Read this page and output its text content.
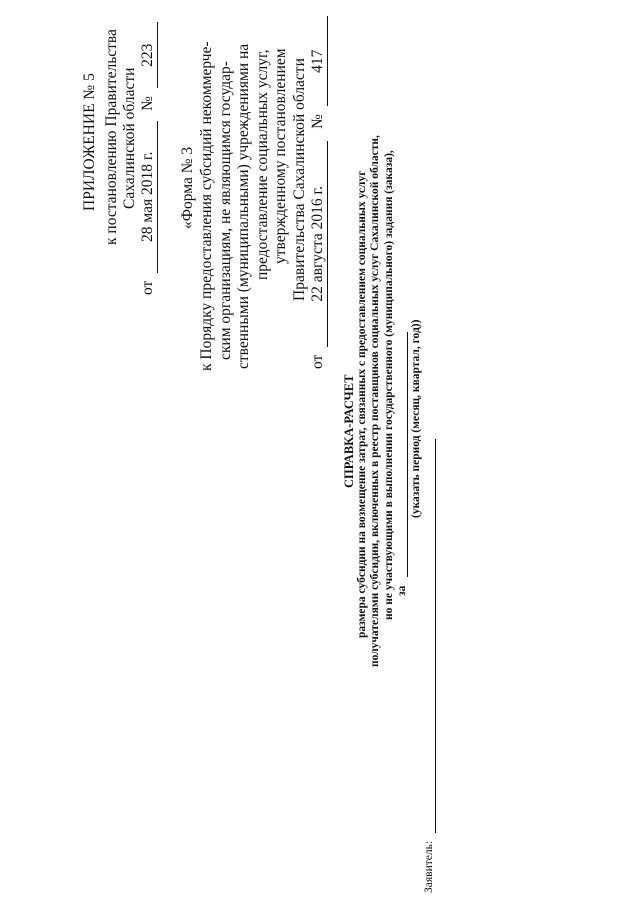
ПРИЛОЖЕНИЕ № 5 к постановлению Правительства Сахалинской области
от 28 мая 2018 г. № 223
«Форма № 3 к Порядку предоставления субсидий некоммерче- ским организациям, не являющимся государ- ственными (муниципальными) учреждениями на предоставление социальных услуг, утвержденному постановлением Правительства Сахалинской области
от 22 августа 2016 г. № 417
СПРАВКА-РАСЧЕТ размера субсидии на возмещение затрат, связанных с предоставлением социальных услуг получателями субсидии, включенных в реестр поставщиков социальных услуг Сахалинской области, но не участвующими в выполнении государственного (муниципального) задания (заказа), за
(указать период (месяц, квартал, год))
Заявитель:
